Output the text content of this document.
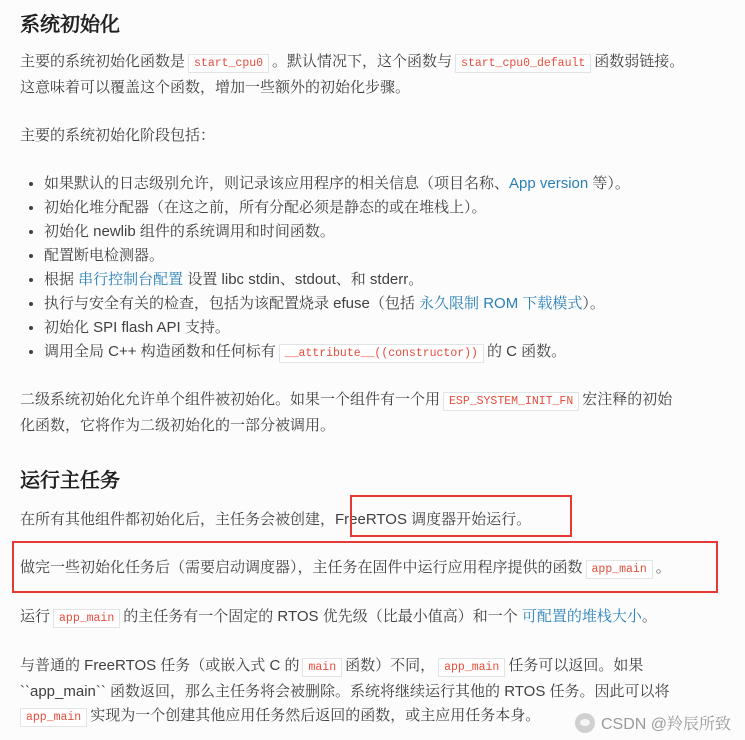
系统初始化

主要的系统初始化函数是 start_cpu0 。默认情况下，这个函数与 start_cpu0_default 函数弱链接。
这意味着可以覆盖这个函数，增加一些额外的初始化步骤。

主要的系统初始化阶段包括：

• 如果默认的日志级别允许，则记录该应用程序的相关信息（项目名称、App version 等）。
• 初始化堆分配器（在这之前，所有分配必须是静态的或在堆栈上）。
• 初始化 newlib 组件的系统调用和时间函数。
• 配置断电检测器。
• 根据 串行控制台配置 设置 libc stdin、stdout、和 stderr。
• 执行与安全有关的检查，包括为该配置烧录 efuse（包括 永久限制 ROM 下载模式）。
• 初始化 SPI flash API 支持。
• 调用全局 C++ 构造函数和任何标有 __attribute__((constructor)) 的 C 函数。

二级系统初始化允许单个组件被初始化。如果一个组件有一个用 ESP_SYSTEM_INIT_FN 宏注释的初始
化函数，它将作为二级初始化的一部分被调用。

运行主任务

在所有其他组件都初始化后，主任务会被创建，FreeRTOS 调度器开始运行。

做完一些初始化任务后（需要启动调度器），主任务在固件中运行应用程序提供的函数 app_main 。

运行 app_main 的主任务有一个固定的 RTOS 优先级（比最小值高）和一个 可配置的堆栈大小。

与普通的 FreeRTOS 任务（或嵌入式 C 的 main 函数）不同， app_main 任务可以返回。如果
``app_main`` 函数返回，那么主任务将会被删除。系统将继续运行其他的 RTOS 任务。因此可以将
app_main 实现为一个创建其他应用任务然后返回的函数，或主应用任务本身。

CSDN @羚辰所致
